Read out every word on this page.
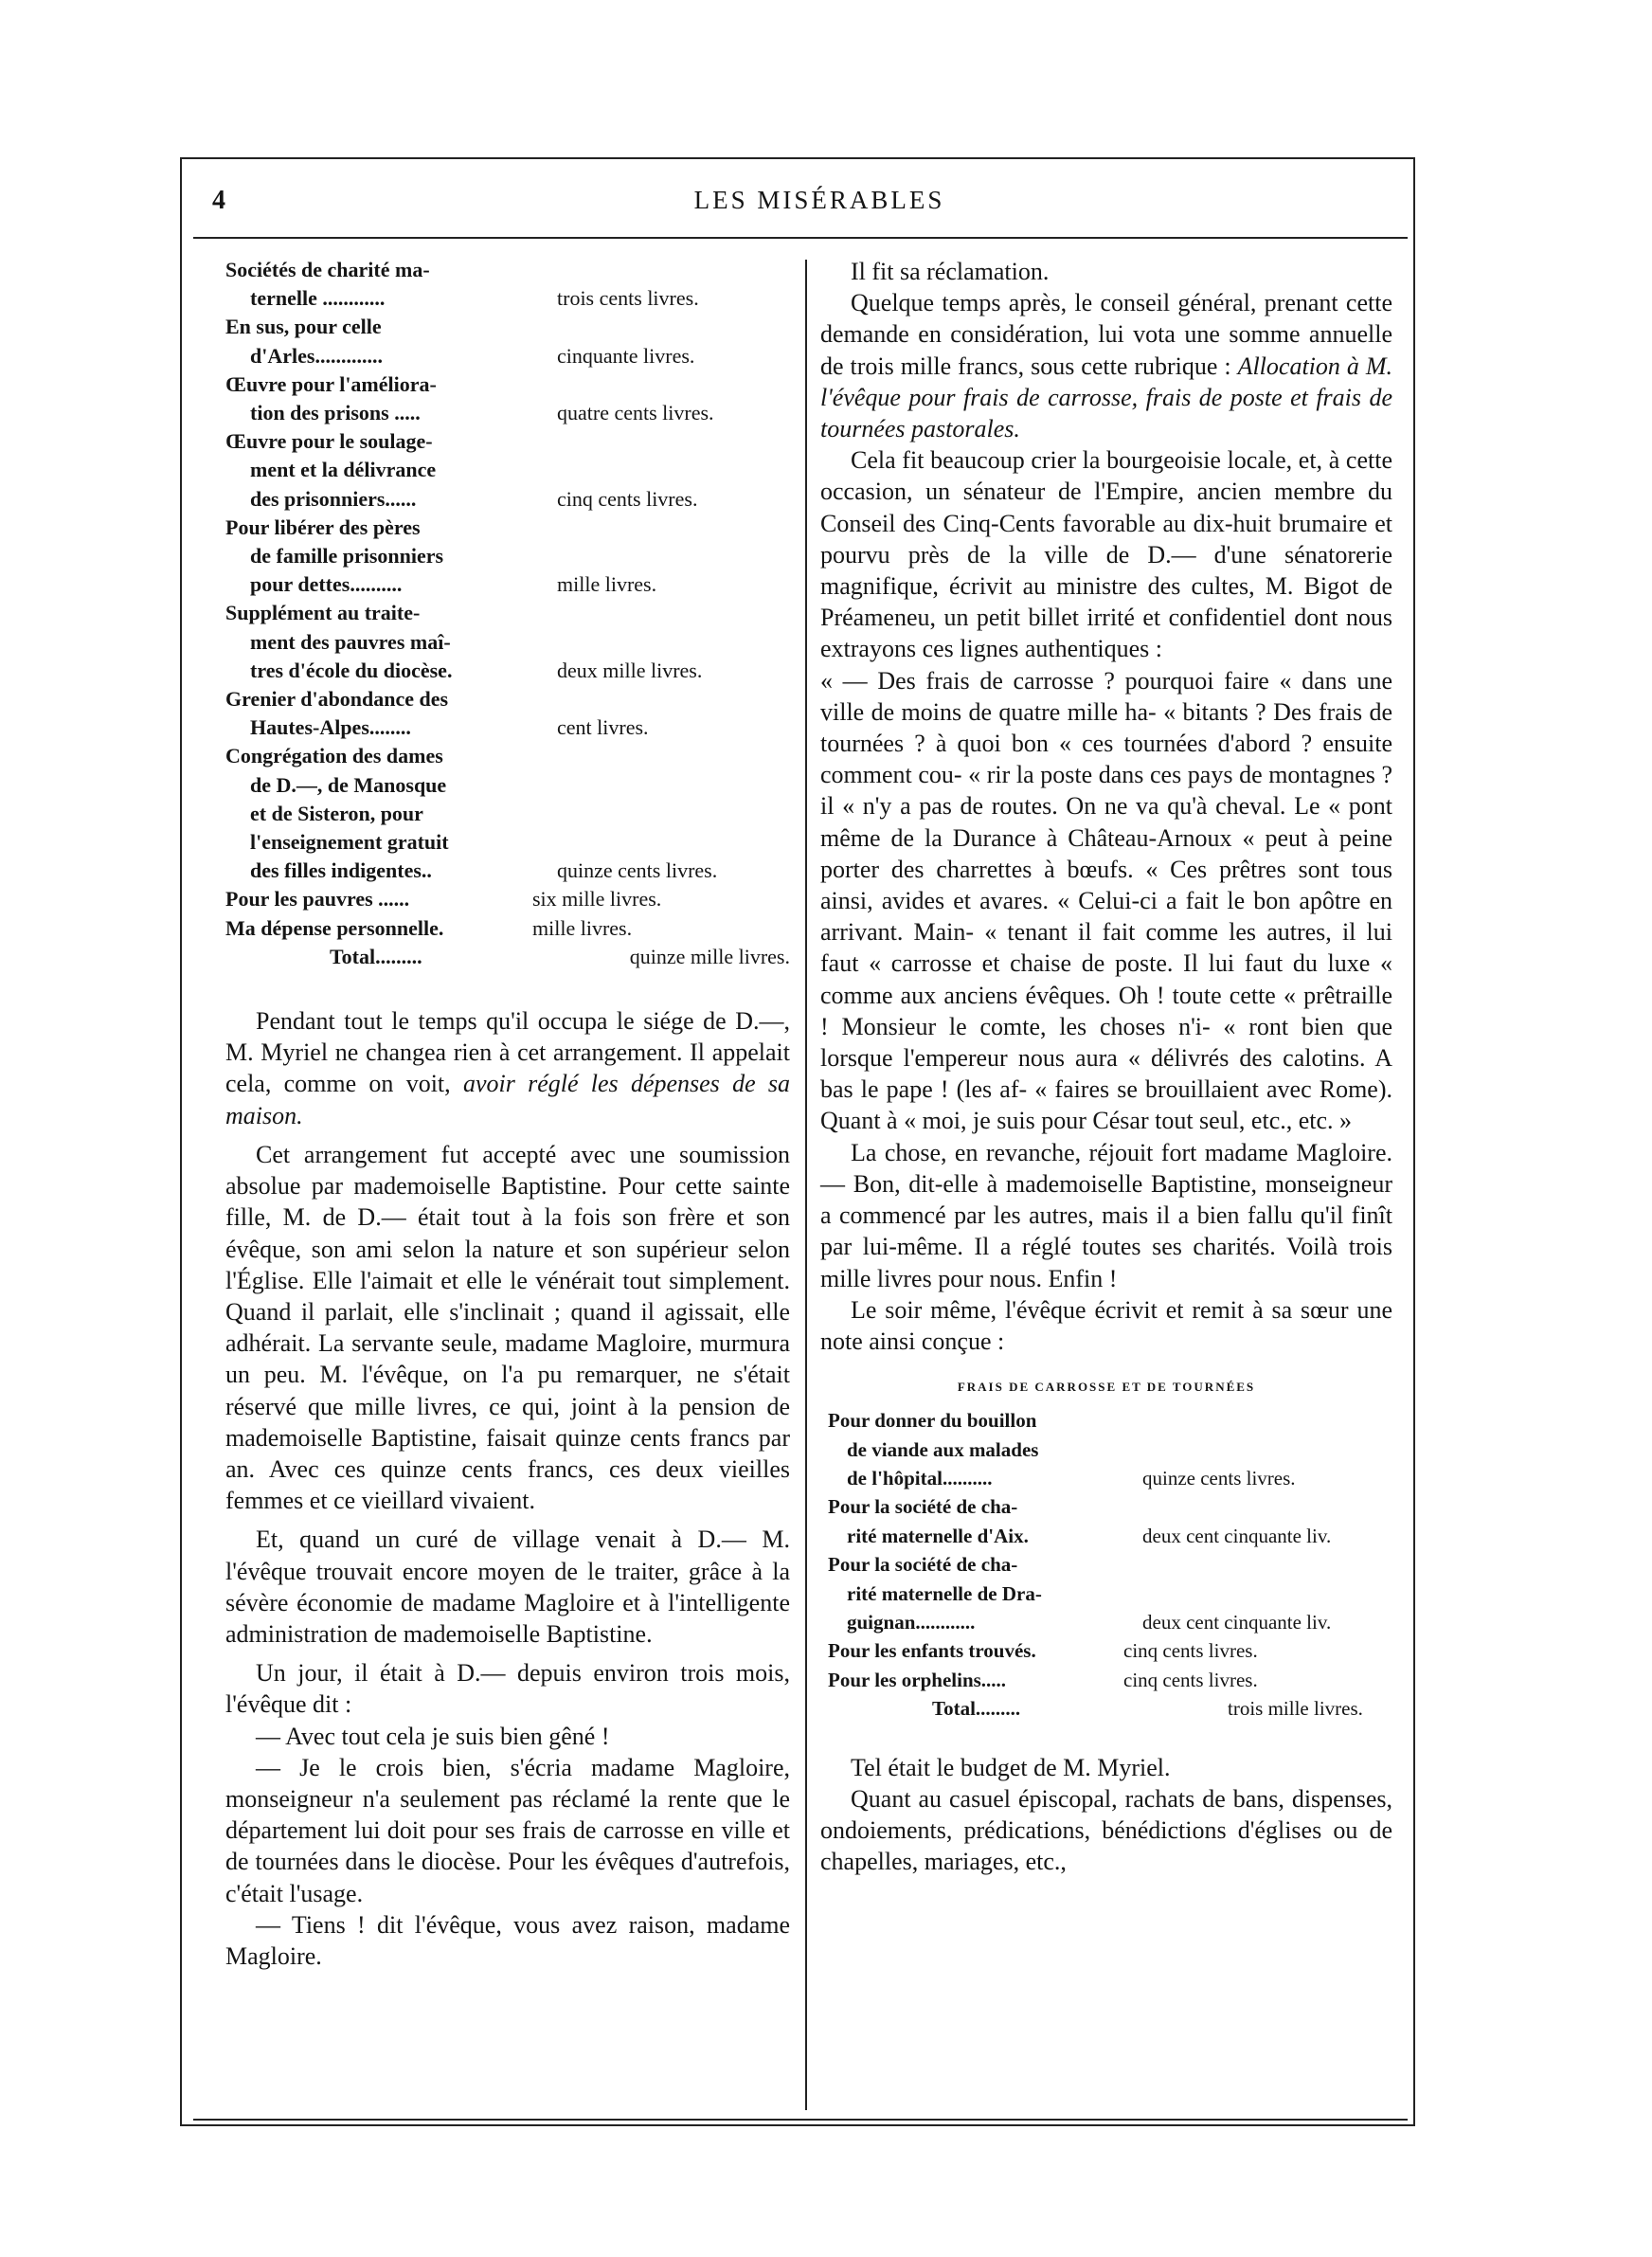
4	LES MISÉRABLES
Sociétés de charité ma-
ternelle ............	trois cents livres.
En sus, pour celle
d'Arles.............	cinquante livres.
Œuvre pour l'améliora-
tion des prisons .....	quatre cents livres.
Œuvre pour le soulage-
ment et la délivrance
des prisonniers......	cinq cents livres.
Pour libérer des pères
de famille prisonniers
pour dettes..........	mille livres.
Supplément au traite-
ment des pauvres maî-
tres d'école du diocèse.	deux mille livres.
Grenier d'abondance des
Hautes-Alpes........	cent livres.
Congrégation des dames
de D.—, de Manosque
et de Sisteron, pour
l'enseignement gratuit
des filles indigentes..	quinze cents livres.
Pour les pauvres ......	six mille livres.
Ma dépense personnelle.	mille livres.
Total.........	quinze mille livres.

Pendant tout le temps qu'il occupa le siége de D.—, M. Myriel ne changea rien à cet arrangement. Il appelait cela, comme on voit, avoir réglé les dépenses de sa maison.

Cet arrangement fut accepté avec une soumission absolue par mademoiselle Baptistine. Pour cette sainte fille, M. de D.— était tout à la fois son frère et son évêque, son ami selon la nature et son supérieur selon l'Église. Elle l'aimait et elle le vénérait tout simplement. Quand il parlait, elle s'inclinait ; quand il agissait, elle adhérait. La servante seule, madame Magloire, murmura un peu. M. l'évêque, on l'a pu remarquer, ne s'était réservé que mille livres, ce qui, joint à la pension de mademoiselle Baptistine, faisait quinze cents francs par an. Avec ces quinze cents francs, ces deux vieilles femmes et ce vieillard vivaient.

Et, quand un curé de village venait à D.— M. l'évêque trouvait encore moyen de le traiter, grâce à la sévère économie de madame Magloire et à l'intelligente administration de mademoiselle Baptistine.

Un jour, il était à D.— depuis environ trois mois, l'évêque dit :

— Avec tout cela je suis bien gêné !

— Je le crois bien, s'écria madame Magloire, monseigneur n'a seulement pas réclamé la rente que le département lui doit pour ses frais de carrosse en ville et de tournées dans le diocèse. Pour les évêques d'autrefois, c'était l'usage.

— Tiens ! dit l'évêque, vous avez raison, madame Magloire.

Il fit sa réclamation.

Quelque temps après, le conseil général, prenant cette demande en considération, lui vota une somme annuelle de trois mille francs, sous cette rubrique : Allocation à M. l'évêque pour frais de carrosse, frais de poste et frais de tournées pastorales.

Cela fit beaucoup crier la bourgeoisie locale, et, à cette occasion, un sénateur de l'Empire, ancien membre du Conseil des Cinq-Cents favorable au dix-huit brumaire et pourvu près de la ville de D.— d'une sénatorerie magnifique, écrivit au ministre des cultes, M. Bigot de Préameneu, un petit billet irrité et confidentiel dont nous extrayons ces lignes authentiques :

« — Des frais de carrosse ? pourquoi faire « dans une ville de moins de quatre mille ha- « bitants ? Des frais de tournées ? à quoi bon « ces tournées d'abord ? ensuite comment cou- « rir la poste dans ces pays de montagnes ? il « n'y a pas de routes. On ne va qu'à cheval. Le « pont même de la Durance à Château-Arnoux « peut à peine porter des charrettes à bœufs. « Ces prêtres sont tous ainsi, avides et avares. « Celui-ci a fait le bon apôtre en arrivant. Main- « tenant il fait comme les autres, il lui faut « carrosse et chaise de poste. Il lui faut du luxe « comme aux anciens évêques. Oh ! toute cette « prêtraille ! Monsieur le comte, les choses n'i- « ront bien que lorsque l'empereur nous aura « délivrés des calotins. A bas le pape ! (les af- « faires se brouillaient avec Rome). Quant à « moi, je suis pour César tout seul, etc., etc. »

La chose, en revanche, réjouit fort madame Magloire. — Bon, dit-elle à mademoiselle Baptistine, monseigneur a commencé par les autres, mais il a bien fallu qu'il finît par lui-même. Il a réglé toutes ses charités. Voilà trois mille livres pour nous. Enfin !

Le soir même, l'évêque écrivit et remit à sa sœur une note ainsi conçue :

FRAIS DE CARROSSE ET DE TOURNÉES
Pour donner du bouillon
de viande aux malades
de l'hôpital..........	quinze cents livres.
Pour la société de cha-
rité maternelle d'Aix.	deux cent cinquante liv.
Pour la société de cha-
rité maternelle de Dra-
guignan............	deux cent cinquante liv.
Pour les enfants trouvés.	cinq cents livres.
Pour les orphelins.....	cinq cents livres.
Total.........	trois mille livres.

Tel était le budget de M. Myriel.

Quant au casuel épiscopal, rachats de bans, dispenses, ondoiements, prédications, bénédictions d'églises ou de chapelles, mariages, etc.,
